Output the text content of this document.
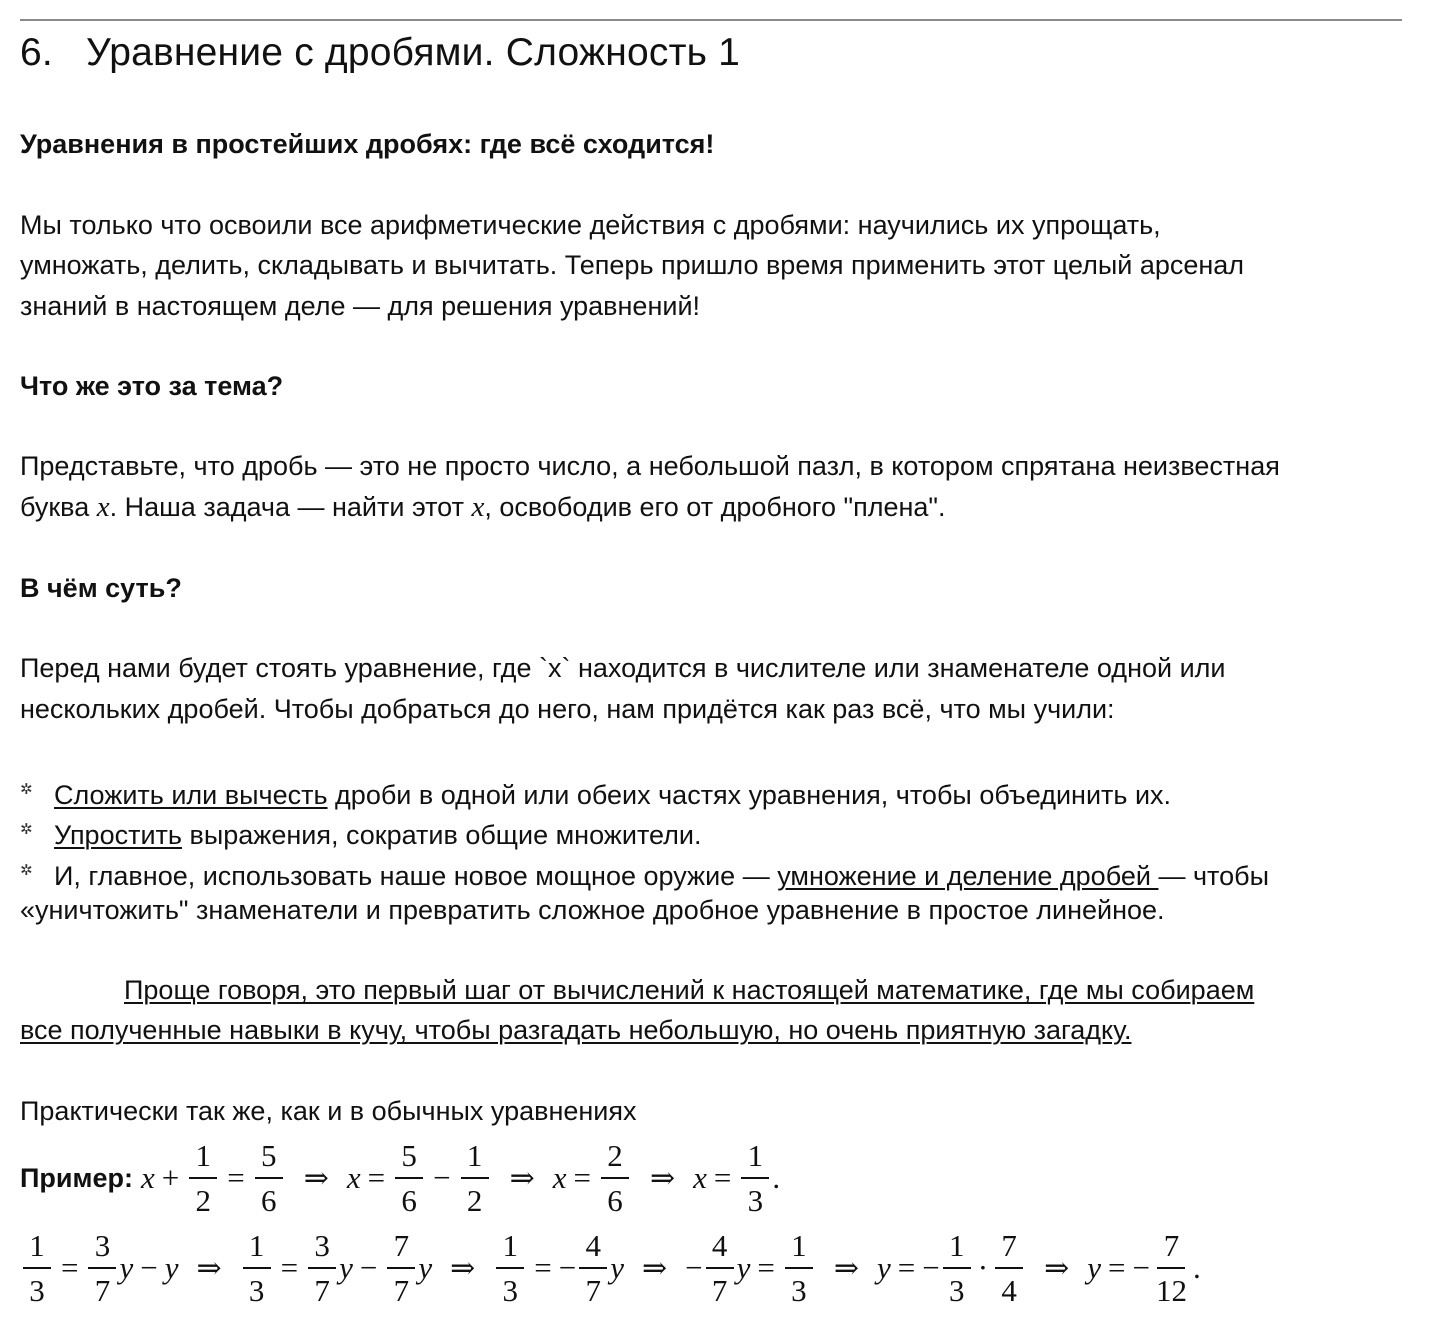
6. Уравнение с дробями. Сложность 1
Уравнения в простейших дробях: где всё сходится!
Мы только что освоили все арифметические действия с дробями: научились их упрощать,
умножать, делить, складывать и вычитать. Теперь пришло время применить этот целый арсенал
знаний в настоящем деле — для решения уравнений!
Что же это за тема?
Представьте, что дробь — это не просто число, а небольшой пазл, в котором спрятана неизвестная
буква x. Наша задача — найти этот x, освободив его от дробного "плена".
В чём суть?
Перед нами будет стоять уравнение, где `x` находится в числителе или знаменателе одной или
нескольких дробей. Чтобы добраться до него, нам придётся как раз всё, что мы учили:
✲ Сложить или вычесть дроби в одной или обеих частях уравнения, чтобы объединить их.
✲ Упростить выражения, сократив общие множители.
✲ И, главное, использовать наше новое мощное оружие — умножение и деление дробей — чтобы
«уничтожить" знаменатели и превратить сложное дробное уравнение в простое линейное.
Проще говоря, это первый шаг от вычислений к настоящей математике, где мы собираем
все полученные навыки в кучу, чтобы разгадать небольшую, но очень приятную загадку.
Практически так же, как и в обычных уравнениях
Пример: $x + \frac{1}{2} = \frac{5}{6}$ ⇒ $x = \frac{5}{6} - \frac{1}{2}$ ⇒ $x = \frac{2}{6}$ ⇒ $x = \frac{1}{3}$ .
$\frac{1}{3} = \frac{3}{7}$ y − y ⇒ $\frac{1}{3} = \frac{3}{7}$ $y - \frac{7}{7}$ y ⇒ $\frac{1}{3}$ = − $\frac{4}{7}$ y ⇒ − $\frac{4}{7}$ $y = \frac{1}{3}$ ⇒ y = − $\frac{1}{3} \cdot \frac{7}{4}$ ⇒ y = − $\frac{7}{12}$ .
